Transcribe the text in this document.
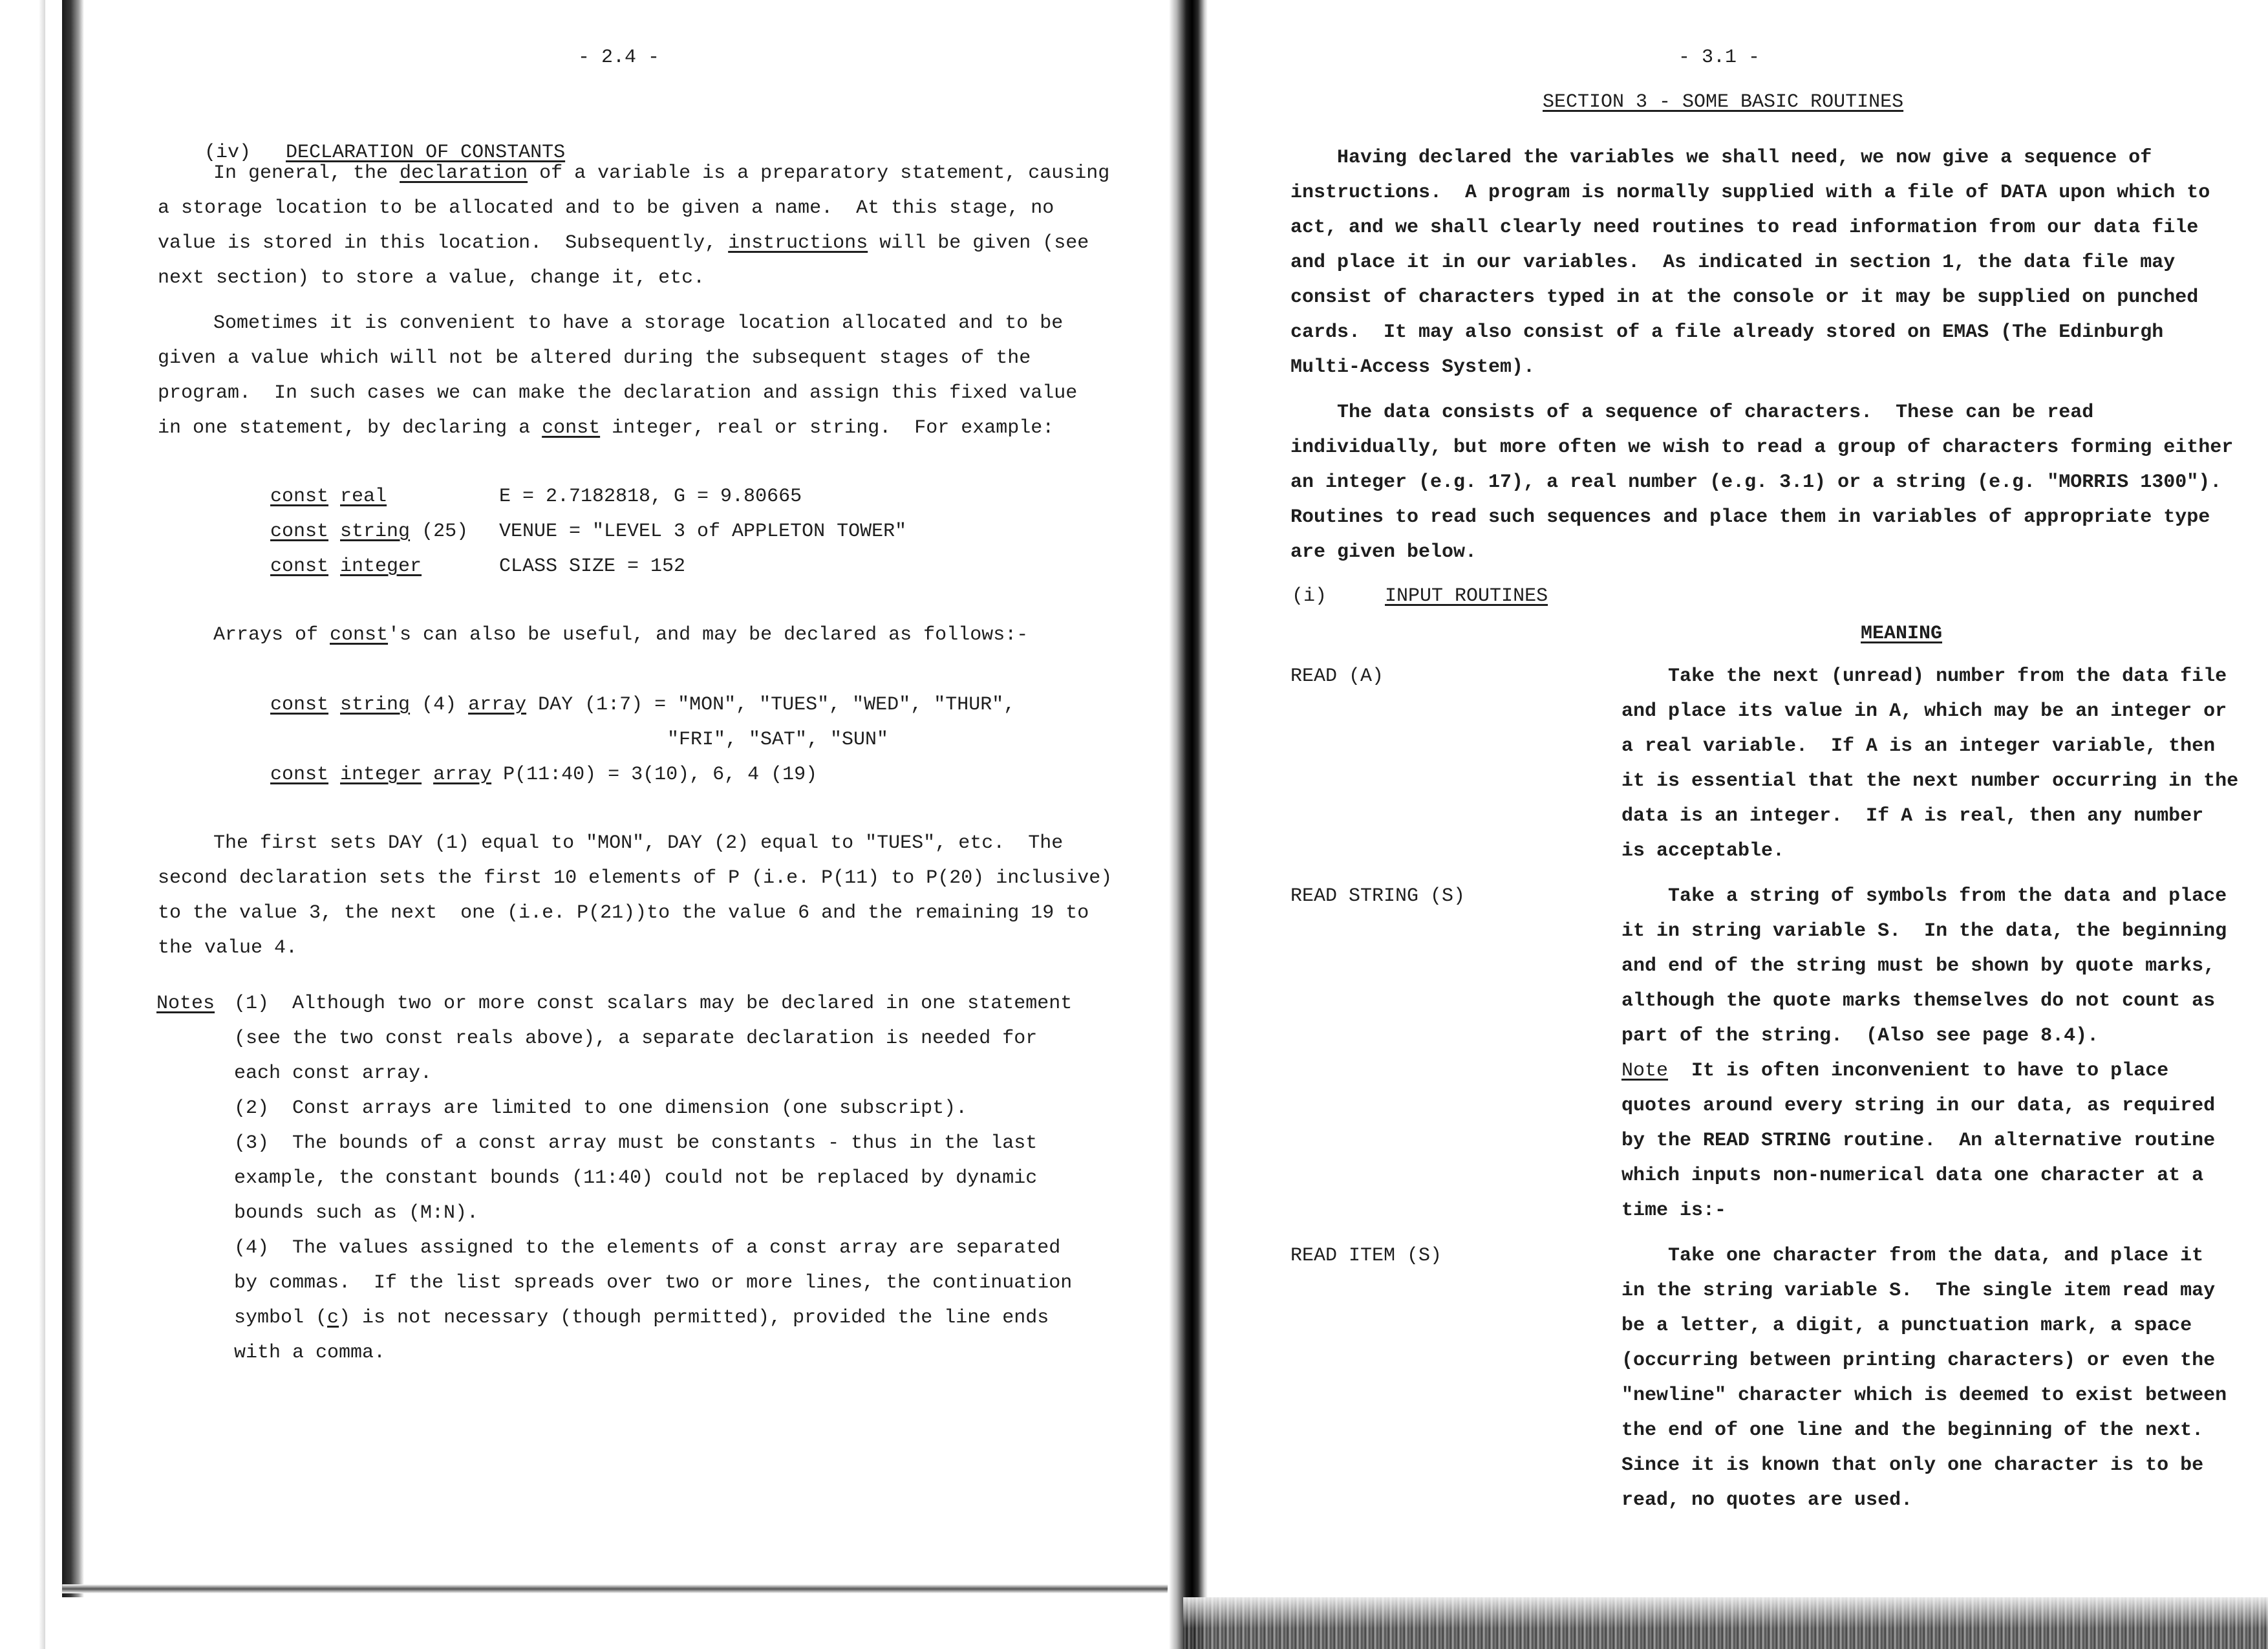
- 2.4 -

(iv) DECLARATION OF CONSTANTS

In general, the declaration of a variable is a preparatory statement, causing
a storage location to be allocated and to be given a name.  At this stage, no
value is stored in this location.  Subsequently, instructions will be given (see
next section) to store a value, change it, etc.
Sometimes it is convenient to have a storage location allocated and to be
given a value which will not be altered during the subsequent stages of the
program.  In such cases we can make the declaration and assign this fixed value
in one statement, by declaring a const integer, real or string.  For example:
const real	E = 2.7182818, G = 9.80665
const string (25) VENUE = "LEVEL 3 of APPLETON TOWER"
const integer	CLASS SIZE = 152
Arrays of const's can also be useful, and may be declared as follows:-
const string (4) array DAY (1:7) = "MON", "TUES", "WED", "THUR",
"FRI", "SAT", "SUN"
const integer array P(11:40) = 3(10), 6, 4 (19)
The first sets DAY (1) equal to "MON", DAY (2) equal to "TUES", etc.  The
second declaration sets the first 10 elements of P (i.e. P(11) to P(20) inclusive)
to the value 3, the next  one (i.e. P(21))to the value 6 and the remaining 19 to
the value 4.
Notes (1)  Although two or more const scalars may be declared in one statement
(see the two const reals above), a separate declaration is needed for
each const array.
(2)  Const arrays are limited to one dimension (one subscript).
(3)  The bounds of a const array must be constants - thus in the last
example, the constant bounds (11:40) could not be replaced by dynamic
bounds such as (M:N).
(4)  The values assigned to the elements of a const array are separated
by commas.  If the list spreads over two or more lines, the continuation
symbol (c) is not necessary (though permitted), provided the line ends
with a comma.
- 3.1 -
SECTION 3 - SOME BASIC ROUTINES
Having declared the variables we shall need, we now give a sequence of
instructions.  A program is normally supplied with a file of DATA upon which to
act, and we shall clearly need routines to read information from our data file
and place it in our variables.  As indicated in section 1, the data file may
consist of characters typed in at the console or it may be supplied on punched
cards.  It may also consist of a file already stored on EMAS (The Edinburgh
Multi-Access System).
The data consists of a sequence of characters.  These can be read
individually, but more often we wish to read a group of characters forming either
an integer (e.g. 17), a real number (e.g. 3.1) or a string (e.g. "MORRIS 1300").
Routines to read such sequences and place them in variables of appropriate type
are given below.
(i)	INPUT ROUTINES
MEANING
READ (A)	Take the next (unread) number from the data file
and place its value in A, which may be an integer or
a real variable.  If A is an integer variable, then
it is essential that the next number occurring in the
data is an integer.  If A is real, then any number
is acceptable.
READ STRING (S)	Take a string of symbols from the data and place
it in string variable S.  In the data, the beginning
and end of the string must be shown by quote marks,
although the quote marks themselves do not count as
part of the string.  (Also see page 8.4).
Note  It is often inconvenient to have to place
quotes around every string in our data, as required
by the READ STRING routine.  An alternative routine
which inputs non-numerical data one character at a
time is:-
READ ITEM (S)	Take one character from the data, and place it
in the string variable S.  The single item read may
be a letter, a digit, a punctuation mark, a space
(occurring between printing characters) or even the
"newline" character which is deemed to exist between
the end of one line and the beginning of the next.
Since it is known that only one character is to be
read, no quotes are used.
